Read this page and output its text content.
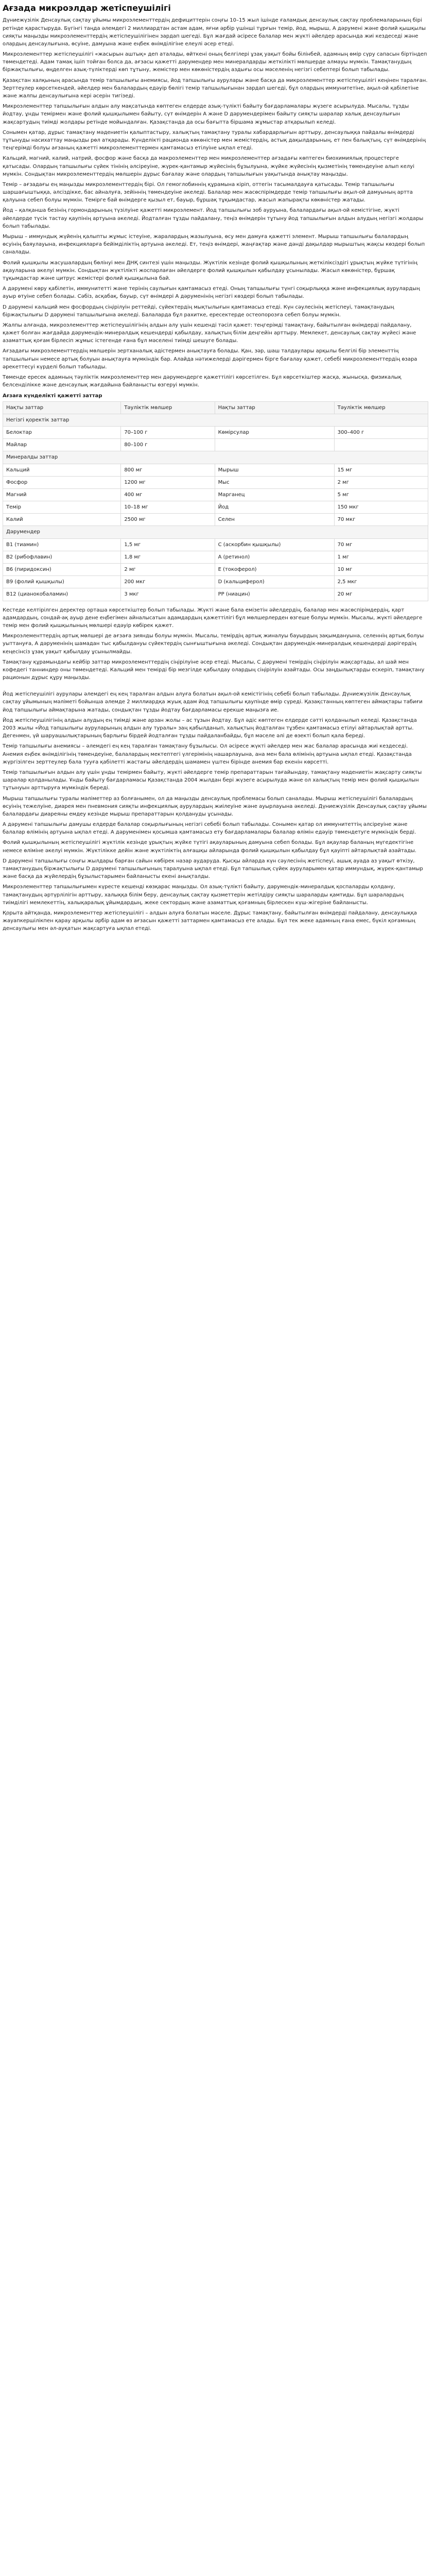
Ағзада микроэлдар жетіспеушілігі

Дүниежүзілік Денсаулық сақтау ұйымы микроэлементтердің дефициттерін соңғы 10–15 жыл ішінде ғаламдық денсаулық сақтау проблемаларының бірі ретінде қарастыруда. Бүгінгі таңда әлемдегі 2 миллиардтан астам адам, яғни әрбір үшінші тұрғын темір, йод, мырыш, А дәрумені және фолий қышқылы сияқты маңызды микроэлементтердің жетіспеушілігінен зардап шегеді. Бұл жағдай әсіресе балалар мен жүкті әйелдер арасында жиі кездеседі және олардың денсаулығына, өсуіне, дамуына және еңбек өнімділігіне елеулі әсер етеді.

Микроэлементтер жетіспеушілігі «жасырын аштық» деп аталады, өйткені оның белгілері ұзақ уақыт бойы білінбей, адамның өмір сүру сапасын біртіндеп төмендетеді. Адам тамақ ішіп тойған болса да, ағзасы қажетті дәрумендер мен минералдарды жеткілікті мөлшерде алмауы мүмкін. Тамақтанудың біржақтылығы, өңделген азық-түліктерді көп тұтыну, жемістер мен көкөністердің аздығы осы мәселенің негізгі себептері болып табылады.

Қазақстан халқының арасында темір тапшылығы анемиясы, йод тапшылығы аурулары және басқа да микроэлементтер жетіспеушілігі кеңінен таралған. Зерттеулер көрсеткендей, әйелдер мен балалардың едәуір бөлігі темір тапшылығынан зардап шегеді, бұл олардың иммунитетіне, ақыл-ой қабілетіне және жалпы денсаулығына кері әсерін тигізеді.

Микроэлементтер тапшылығын алдын алу мақсатында көптеген елдерде азық-түлікті байыту бағдарламалары жүзеге асырылуда. Мысалы, тұзды йодтау, ұнды темірмен және фолий қышқылымен байыту, сүт өнімдерін А және D дәрумендерімен байыту сияқты шаралар халық денсаулығын жақсартудың тиімді жолдары ретінде мойындалған. Қазақстанда да осы бағытта біршама жұмыстар атқарылып келеді.

Сонымен қатар, дұрыс тамақтану мәдениетін қалыптастыру, халықтың тамақтану туралы хабардарлығын арттыру, денсаулыққа пайдалы өнімдерді тұтынуды насихаттау маңызды рөл атқарады. Күнделікті рационда көкөністер мен жемістердің, астық дақылдарының, ет пен балықтың, сүт өнімдерінің теңгерімді болуы ағзаның қажетті микроэлементтермен қамтамасыз етілуіне ықпал етеді.

Кальций, магний, калий, натрий, фосфор және басқа да макроэлементтер мен микроэлементтер ағзадағы көптеген биохимиялық процестерге қатысады. Олардың тапшылығы сүйек тінінің әлсіреуіне, жүрек-қантамыр жүйесінің бұзылуына, жүйке жүйесінің қызметінің төмендеуіне алып келуі мүмкін. Сондықтан микроэлементтердің мөлшерін дұрыс бағалау және олардың тапшылығын уақытында анықтау маңызды.

Темір – ағзадағы ең маңызды микроэлементтердің бірі. Ол гемоглобиннің құрамына кіріп, оттегін тасымалдауға қатысады. Темір тапшылығы шаршағыштыққа, әлсіздікке, бас айналуға, зейіннің төмендеуіне әкеледі. Балалар мен жасөспірімдерде темір тапшылығы ақыл-ой дамуының артта қалуына себеп болуы мүмкін. Темірге бай өнімдерге қызыл ет, бауыр, бұршақ тұқымдастар, жасыл жапырақты көкөністер жатады.

Йод – қалқанша безінің гормондарының түзілуіне қажетті микроэлемент. Йод тапшылығы зоб ауруына, балалардағы ақыл-ой кемістігіне, жүкті әйелдерде түсік тастау қаупінің артуына әкеледі. Йодталған тұзды пайдалану, теңіз өнімдерін тұтыну йод тапшылығын алдын алудың негізгі жолдары болып табылады.

Мырыш – иммундық жүйенің қалыпты жұмыс істеуіне, жаралардың жазылуына, өсу мен дамуға қажетті элемент. Мырыш тапшылығы балалардың өсуінің баяулауына, инфекцияларға бейімділіктің артуына әкеледі. Ет, теңіз өнімдері, жаңғақтар және дәнді дақылдар мырыштың жақсы көздері болып саналады.

Фолий қышқылы жасушалардың бөлінуі мен ДНҚ синтезі үшін маңызды. Жүктілік кезінде фолий қышқылының жеткіліксіздігі ұрықтың жүйке түтігінің ақауларына әкелуі мүмкін. Сондықтан жүктілікті жоспарлаған әйелдерге фолий қышқылын қабылдау ұсынылады. Жасыл көкөністер, бұршақ тұқымдастар және цитрус жемістері фолий қышқылына бай.

А дәрумені көру қабілетін, иммунитетті және терінің саулығын қамтамасыз етеді. Оның тапшылығы түнгі соқырлыққа және инфекциялық аурулардың ауыр өтуіне себеп болады. Сәбіз, асқабақ, бауыр, сүт өнімдері А дәруменінің негізгі көздері болып табылады.

D дәрумені кальций мен фосфордың сіңірілуін реттейді, сүйектердің мықтылығын қамтамасыз етеді. Күн сәулесінің жетіспеуі, тамақтанудың біржақтылығы D дәрумені тапшылығына әкеледі. Балаларда бұл рахитке, ересектерде остеопорозға себеп болуы мүмкін.

Жалпы алғанда, микроэлементтер жетіспеушілігінің алдын алу үшін кешенді тәсіл қажет: теңгерімді тамақтану, байытылған өнімдерді пайдалану, қажет болған жағдайда дәрумендік-минералдық кешендерді қабылдау, халықтың білім деңгейін арттыру. Мемлекет, денсаулық сақтау жүйесі және азаматтық қоғам бірлесіп жұмыс істегенде ғана бұл мәселені тиімді шешуге болады.

Ағзадағы микроэлементтердің мөлшерін зертханалық әдістермен анықтауға болады. Қан, зәр, шаш талдаулары арқылы белгілі бір элементтің тапшылығын немесе артық болуын анықтауға мүмкіндік бар. Алайда нәтижелерді дәрігермен бірге бағалау қажет, себебі микроэлементтердің өзара әрекеттесуі күрделі болып табылады.

Төменде ересек адамның тәуліктік микроэлементтер мен дәрумендерге қажеттілігі көрсетілген. Бұл көрсеткіштер жасқа, жынысқа, физикалық белсенділікке және денсаулық жағдайына байланысты өзгеруі мүмкін.

Ағзаға күнделікті қажетті заттар
Нақты заттар	Тәуліктік мөлшер	Нақты заттар	Тәуліктік мөлшер
Негізгі қоректік заттар			
Белоктар	70–100 г	Көмірсулар	300–400 г
Майлар	80–100 г		
Минералды заттар			
Кальций	800 мг	Мырыш	15 мг
Фосфор	1200 мг	Мыс	2 мг
Магний	400 мг	Марганец	5 мг
Темір	10–18 мг	Йод	150 мкг
Калий	2500 мг	Селен	70 мкг
Дәрумендер			
B1 (тиамин)	1,5 мг	C (аскорбин қышқылы)	70 мг
B2 (рибофлавин)	1,8 мг	A (ретинол)	1 мг
B6 (пиридоксин)	2 мг	E (токоферол)	10 мг
B9 (фолий қышқылы)	200 мкг	D (кальциферол)	2,5 мкг
B12 (цианокобаламин)	3 мкг	PP (ниацин)	20 мг

Кестеде келтірілген деректер орташа көрсеткіштер болып табылады. Жүкті және бала емізетін әйелдердің, балалар мен жасөспірімдердің, қарт адамдардың, сондай-ақ ауыр дене еңбегімен айналысатын адамдардың қажеттілігі бұл мөлшерлерден өзгеше болуы мүмкін. Мысалы, жүкті әйелдерге темір мен фолий қышқылының мөлшері едәуір көбірек қажет.

Микроэлементтердің артық мөлшері де ағзаға зиянды болуы мүмкін. Мысалы, темірдің артық жиналуы бауырдың зақымдануына, селеннің артық болуы уыттануға, А дәруменінің шамадан тыс қабылдануы сүйектердің сынғыштығына әкеледі. Сондықтан дәрумендік-минералдық кешендерді дәрігердің кеңесінсіз ұзақ уақыт қабылдау ұсынылмайды.

Тамақтану құрамындағы кейбір заттар микроэлементтердің сіңірілуіне әсер етеді. Мысалы, С дәрумені темірдің сіңірілуін жақсартады, ал шай мен кофедегі танниндер оны төмендетеді. Кальций мен темірді бір мезгілде қабылдау олардың сіңірілуін азайтады. Осы заңдылықтарды ескеріп, тамақтану рационын дұрыс құру маңызды.

Йод жетіспеушілігі аурулары әлемдегі ең кең таралған алдын алуға болатын ақыл-ой кемістігінің себебі болып табылады. Дүниежүзілік Денсаулық сақтау ұйымының мәліметі бойынша әлемде 2 миллиардқа жуық адам йод тапшылығы қаупінде өмір сүреді. Қазақстанның көптеген аймақтары табиғи йод тапшылығы аймақтарына жатады, сондықтан тұзды йодтау бағдарламасы ерекше маңызға ие.

Йод жетіспеушілігінің алдын алудың ең тиімді және арзан жолы – ас тұзын йодтау. Бұл әдіс көптеген елдерде сәтті қолданылып келеді. Қазақстанда 2003 жылы «Йод тапшылығы ауруларының алдын алу туралы» заң қабылданып, халықтың йодталған тұзбен қамтамасыз етілуі айтарлықтай артты. Дегенмен, үй шаруашылықтарының барлығы бірдей йодталған тұзды пайдаланбайды, бұл мәселе әлі де өзекті болып қала береді.

Темір тапшылығы анемиясы – әлемдегі ең кең таралған тамақтану бұзылысы. Ол әсіресе жүкті әйелдер мен жас балалар арасында жиі кездеседі. Анемия еңбек өнімділігінің төмендеуіне, балалардың мектептегі үлгерімінің нашарлауына, ана мен бала өлімінің артуына ықпал етеді. Қазақстанда жүргізілген зерттеулер бала тууға қабілетті жастағы әйелдердің шамамен үштен бірінде анемия бар екенін көрсетті.

Темір тапшылығын алдын алу үшін ұнды темірмен байыту, жүкті әйелдерге темір препараттарын тағайындау, тамақтану мәдениетін жақсарту сияқты шаралар қолданылады. Ұнды байыту бағдарламасы Қазақстанда 2004 жылдан бері жүзеге асырылуда және ол халықтың темір мен фолий қышқылын тұтынуын арттыруға мүмкіндік береді.

Мырыш тапшылығы туралы мәліметтер аз болғанымен, ол да маңызды денсаулық проблемасы болып саналады. Мырыш жетіспеушілігі балалардың өсуінің тежелуіне, диарея мен пневмония сияқты инфекциялық аурулардың жиілеуіне және ауырлауына әкеледі. Дүниежүзілік Денсаулық сақтау ұйымы балалардағы диареяны емдеу кезінде мырыш препараттарын қолдануды ұсынады.

А дәрумені тапшылығы дамушы елдерде балалар соқырлығының негізгі себебі болып табылады. Сонымен қатар ол иммунитеттің әлсіреуіне және балалар өлімінің артуына ықпал етеді. А дәруменімен қосымша қамтамасыз ету бағдарламалары балалар өлімін едәуір төмендетуге мүмкіндік берді.

Фолий қышқылының жетіспеушілігі жүктілік кезінде ұрықтың жүйке түтігі ақауларының дамуына себеп болады. Бұл ақаулар баланың мүгедектігіне немесе өліміне әкелуі мүмкін. Жүктілікке дейін және жүктіліктің алғашқы айларында фолий қышқылын қабылдау бұл қауіпті айтарлықтай азайтады.

D дәрумені тапшылығы соңғы жылдары барған сайын көбірек назар аударуда. Қысқы айларда күн сәулесінің жетіспеуі, ашық ауада аз уақыт өткізу, тамақтанудың біржақтылығы D дәрумені тапшылығының таралуына ықпал етеді. Бұл тапшылық сүйек ауруларымен қатар иммундық, жүрек-қантамыр және басқа да жүйелердің бұзылыстарымен байланысты екені анықталды.

Микроэлементтер тапшылығымен күресте кешенді көзқарас маңызды. Ол азық-түлікті байыту, дәрумендік-минералдық қоспаларды қолдану, тамақтанудың әртүрлілігін арттыру, халыққа білім беру, денсаулық сақтау қызметтерін жетілдіру сияқты шараларды қамтиды. Бұл шаралардың тиімділігі мемлекеттің, халықаралық ұйымдардың, жеке сектордың және азаматтық қоғамның бірлескен күш-жігеріне байланысты.

Қорыта айтқанда, микроэлементтер жетіспеушілігі – алдын алуға болатын мәселе. Дұрыс тамақтану, байытылған өнімдерді пайдалану, денсаулыққа жауапкершілікпен қарау арқылы әрбір адам өз ағзасын қажетті заттармен қамтамасыз ете алады. Бұл тек жеке адамның ғана емес, бүкіл қоғамның денсаулығы мен әл-ауқатын жақсартуға ықпал етеді.
